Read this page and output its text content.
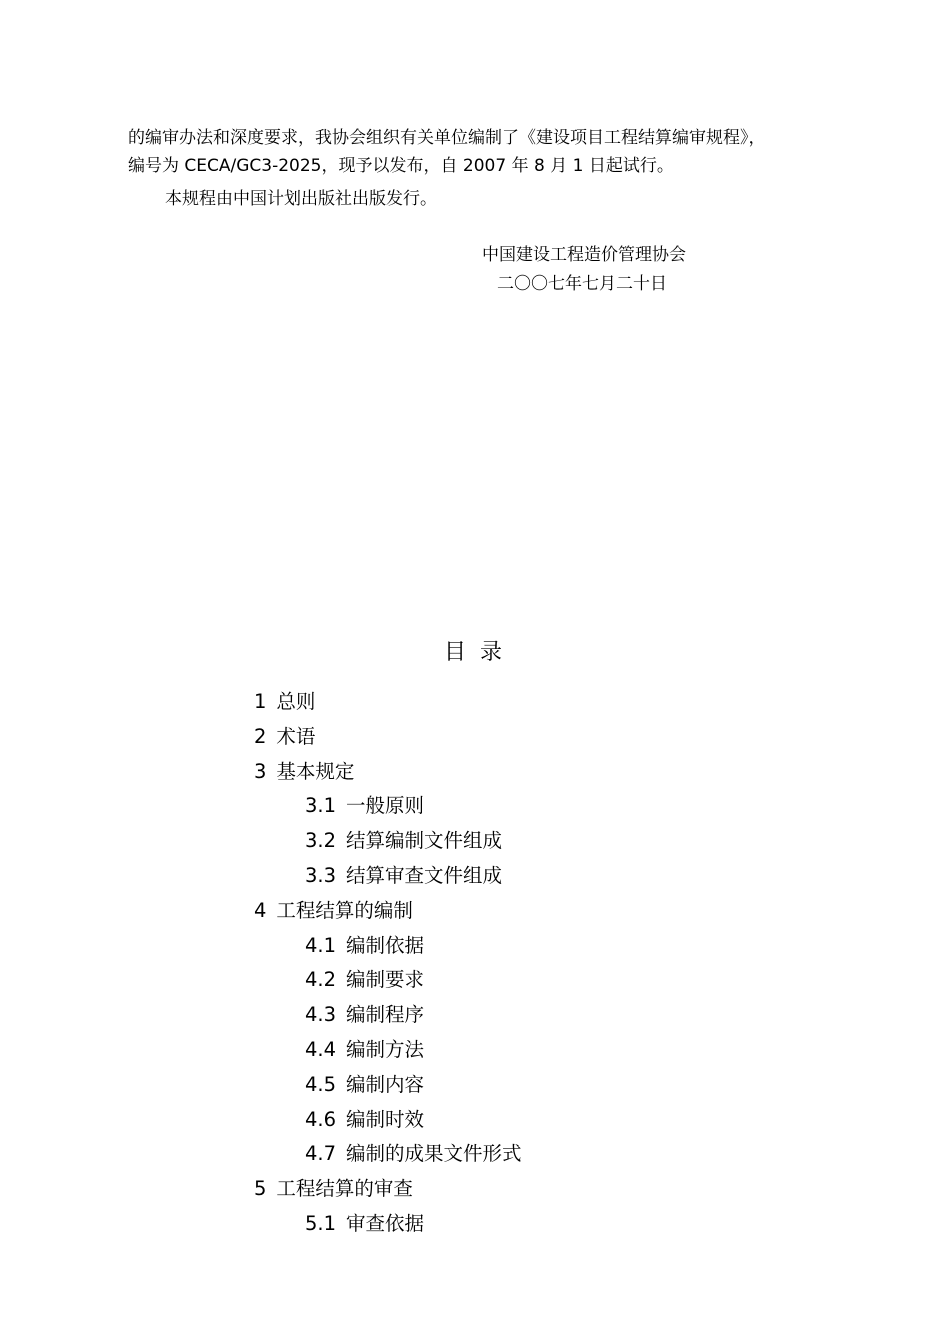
的编审办法和深度要求，我协会组织有关单位编制了《建设项目工程结算编审规程》，

编号为 CECA/GC3-2025，现予以发布，自 2007 年 8 月 1 日起试行。

本规程由中国计划出版社出版发行。

中国建设工程造价管理协会
二〇〇七年七月二十日
目录
1 总则
2 术语
3 基本规定
3.1 一般原则
3.2 结算编制文件组成
3.3 结算审查文件组成
4 工程结算的编制
4.1 编制依据
4.2 编制要求
4.3 编制程序
4.4 编制方法
4.5 编制内容
4.6 编制时效
4.7 编制的成果文件形式
5 工程结算的审查
5.1 审查依据
